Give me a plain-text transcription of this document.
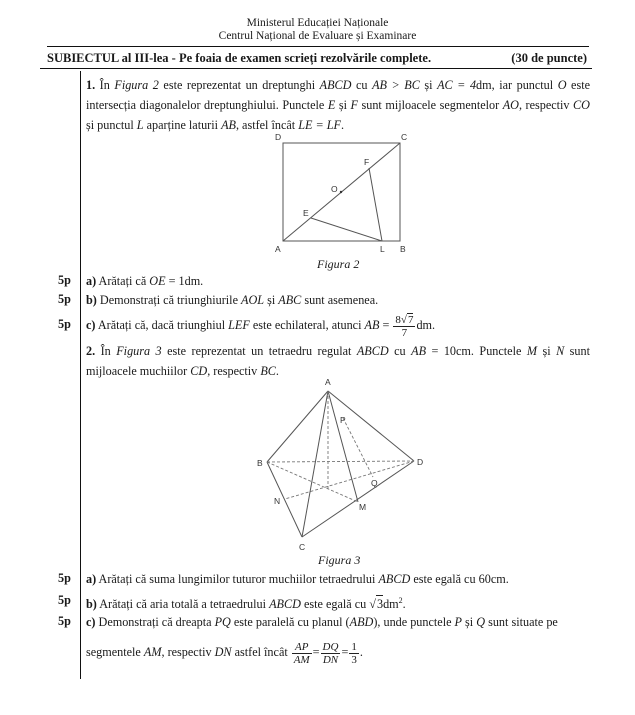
Ministerul Educației Naționale
Centrul Național de Evaluare și Examinare
SUBIECTUL al III-lea - Pe foaia de examen scrieți rezolvările complete.	(30 de puncte)
1. În Figura 2 este reprezentat un dreptunghi ABCD cu AB > BC și AC = 4dm, iar punctul O este intersecția diagonalelor dreptunghiului. Punctele E și F sunt mijloacele segmentelor AO, respectiv CO și punctul L aparține laturii AB, astfel încât LE = LF.
D	C
A	B
L
O
E
F
A
B	D
C
M
N
P
Q
Figura 2
Figura 3
5p a) Arătați că OE = 1dm.
5p b) Demonstrați că triunghiurile AOL și ABC sunt asemenea.
5p c) Arătați că, dacă triunghiul LEF este echilateral, atunci AB = $\frac{8√7}{7}$ dm.
2. În Figura 3 este reprezentat un tetraedru regulat ABCD cu AB = 10cm. Punctele M și N sunt mijloacele muchiilor CD, respectiv BC.
5p a) Arătați că suma lungimilor tuturor muchiilor tetraedrului ABCD este egală cu 60cm.
5p b) Arătați că aria totală a tetraedrului ABCD este egală cu $√3dm^2$.
5p c) Demonstrați că dreapta PQ este paralelă cu planul (ABD), unde punctele P și Q sunt situate pe
segmentele AM, respectiv DN astfel încât $\frac{AP}{AM} = \frac{DQ}{DN} = \frac{1}{3}$ .
